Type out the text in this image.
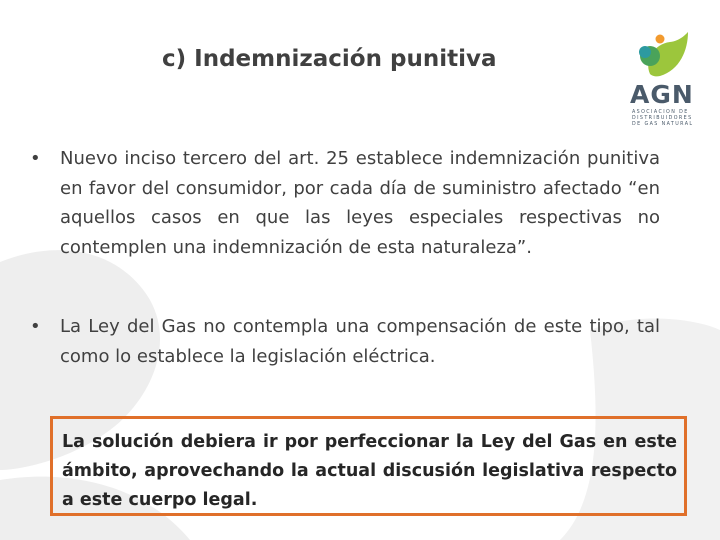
c) Indemnización punitiva
AGN
ASOCIACION DE DISTRIBUIDORES DE GAS NATURAL
•	Nuevo inciso tercero del art. 25 establece indemnización punitiva en favor del consumidor, por cada día de suministro afectado “en aquellos casos en que las leyes especiales respectivas no contemplen una indemnización de esta naturaleza”.
•	La Ley del Gas no contempla una compensación de este tipo, tal como lo establece la legislación eléctrica.

La solución debiera ir por perfeccionar la Ley del Gas en este ámbito, aprovechando la actual discusión legislativa respecto a este cuerpo legal.
